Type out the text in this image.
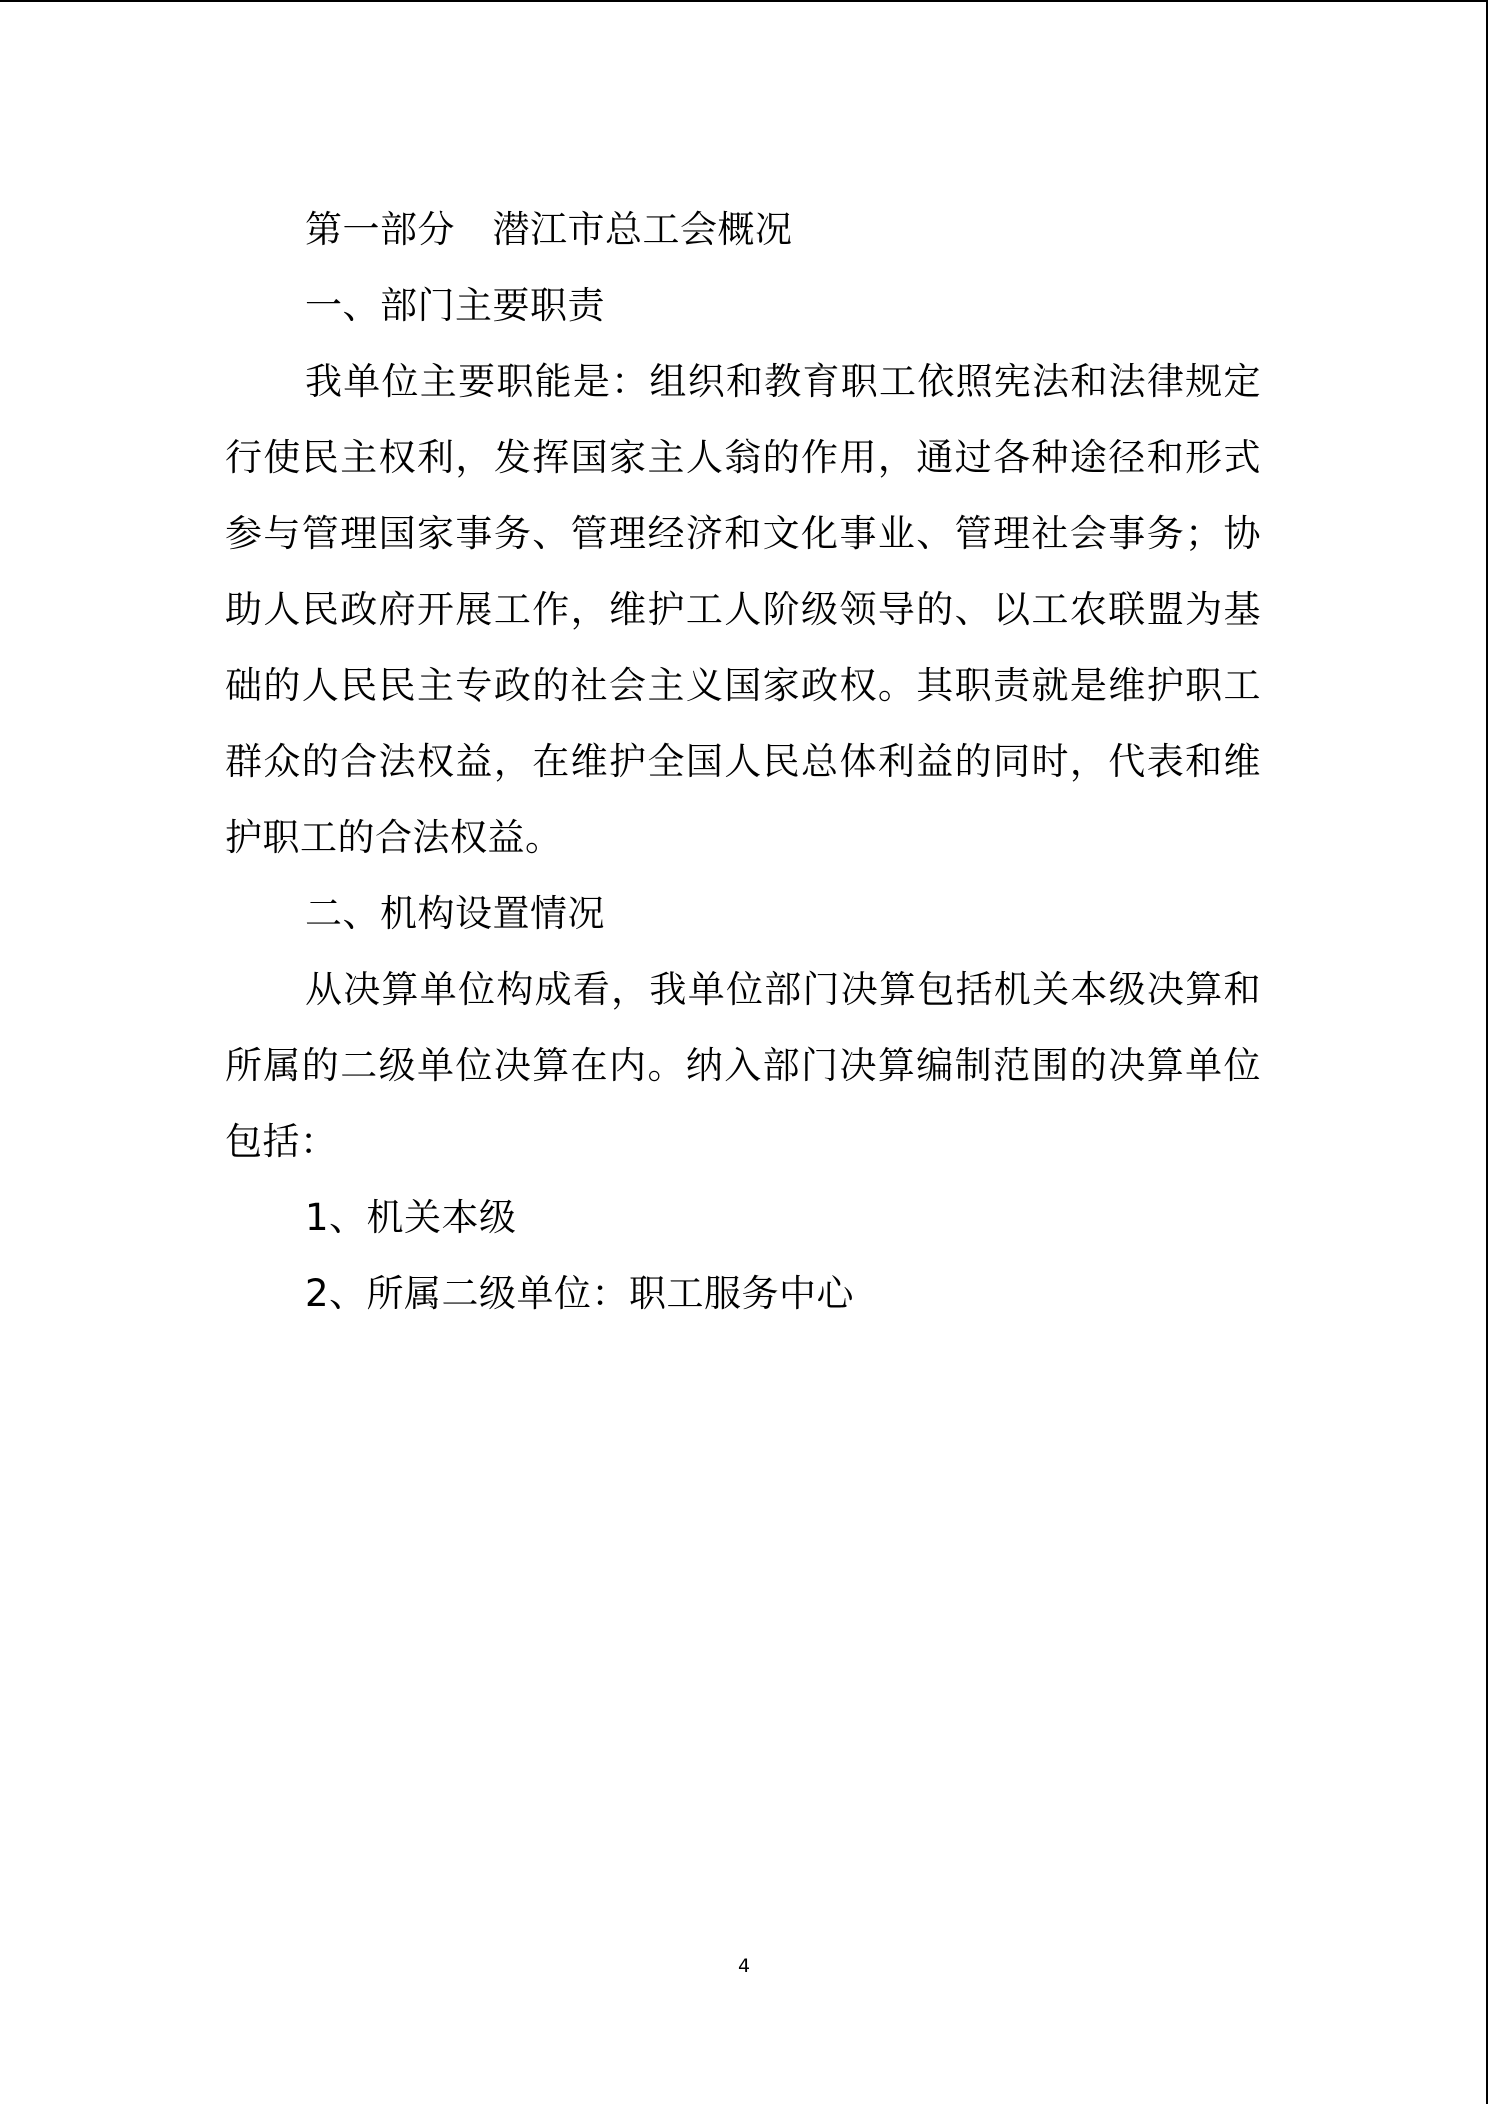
第一部分　潜江市总工会概况

一、部门主要职责

我单位主要职能是：组织和教育职工依照宪法和法律规定行使民主权利，发挥国家主人翁的作用，通过各种途径和形式参与管理国家事务、管理经济和文化事业、管理社会事务；协助人民政府开展工作，维护工人阶级领导的、以工农联盟为基础的人民民主专政的社会主义国家政权。其职责就是维护职工群众的合法权益，在维护全国人民总体利益的同时，代表和维护职工的合法权益。

二、机构设置情况

从决算单位构成看，我单位部门决算包括机关本级决算和所属的二级单位决算在内。纳入部门决算编制范围的决算单位包括：

1、机关本级

2、所属二级单位：职工服务中心

4
